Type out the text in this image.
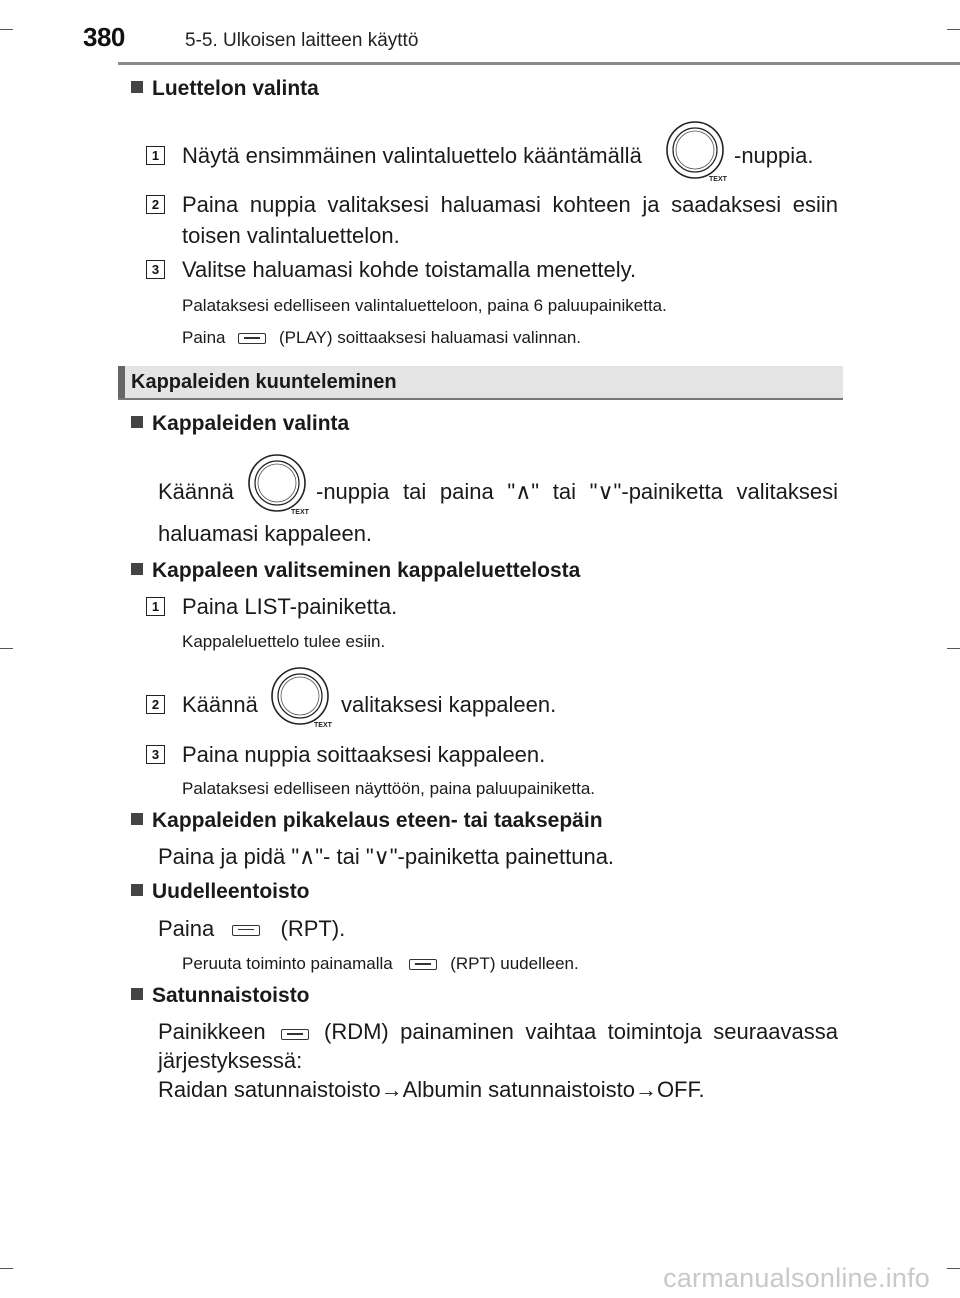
380	5-5. Ulkoisen laitteen käyttö
Luettelon valinta
1 Näytä ensimmäinen valintaluettelo kääntämällä
TEXT
-nuppia.
2 Paina nuppia valitaksesi haluamasi kohteen ja saadaksesi esiin
toisen valintaluettelon.
3 Valitse haluamasi kohde toistamalla menettely.
Palataksesi edelliseen valintaluetteloon, paina 6 paluupainiketta.
Paina	(PLAY) soittaaksesi haluamasi valinnan.
Kappaleiden kuunteleminen
Kappaleiden valinta
Käännä
TEXT
-nuppia tai paina "∧" tai "∨"-painiketta valitaksesi
haluamasi kappaleen.
Kappaleen valitseminen kappaleluettelosta
1 Paina LIST-painiketta.
Kappaleluettelo tulee esiin.
2 Käännä
TEXT
valitaksesi kappaleen.
3 Paina nuppia soittaaksesi kappaleen.
Palataksesi edelliseen näyttöön, paina paluupainiketta.
Kappaleiden pikakelaus eteen- tai taaksepäin
Paina ja pidä "∧"- tai "∨"-painiketta painettuna.
Uudelleentoisto
Paina	(RPT).
Peruuta toiminto painamalla	(RPT) uudelleen.
Satunnaistoisto
Painikkeen	(RDM) painaminen vaihtaa toimintoja seuraavassa
järjestyksessä:
Raidan satunnaistoisto→Albumin satunnaistoisto→OFF.
carmanualsonline.info
